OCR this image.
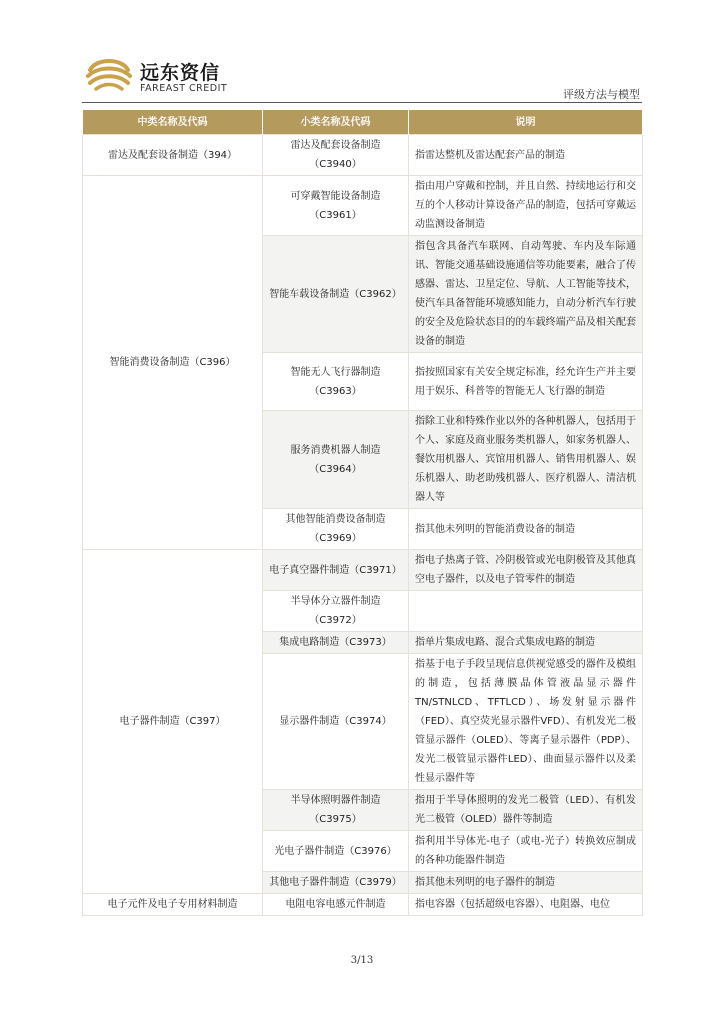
远东资信
FAREAST CREDIT	评级方法与模型
中类名称及代码	小类名称及代码	说明
雷达及配套设备制造（394）	雷达及配套设备制造（C3940）	指雷达整机及雷达配套产品的制造
智能消费设备制造（C396）	可穿戴智能设备制造（C3961）	指由用户穿戴和控制，并且自然、持续地运行和交互的个人移动计算设备产品的制造，包括可穿戴运动监测设备制造
	智能车载设备制造（C3962）	指包含具备汽车联网、自动驾驶、车内及车际通讯、智能交通基础设施通信等功能要素，融合了传感器、雷达、卫星定位、导航、人工智能等技术，使汽车具备智能环境感知能力，自动分析汽车行驶的安全及危险状态目的的车载终端产品及相关配套设备的制造
	智能无人飞行器制造（C3963）	指按照国家有关安全规定标准，经允许生产并主要用于娱乐、科普等的智能无人飞行器的制造
	服务消费机器人制造（C3964）	指除工业和特殊作业以外的各种机器人，包括用于个人、家庭及商业服务类机器人，如家务机器人、餐饮用机器人、宾馆用机器人、销售用机器人、娱乐机器人、助老助残机器人、医疗机器人、清洁机器人等
	其他智能消费设备制造（C3969）	指其他未列明的智能消费设备的制造
电子器件制造（C397）	电子真空器件制造（C3971）	指电子热离子管、冷阴极管或光电阴极管及其他真空电子器件，以及电子管零件的制造
	半导体分立器件制造（C3972）	
	集成电路制造（C3973）	指单片集成电路、混合式集成电路的制造
	显示器件制造（C3974）	指基于电子手段呈现信息供视觉感受的器件及模组的制造，包括薄膜晶体管液晶显示器件TN/STNLCD、TFTLCD）、场发射显示器件（FED）、真空荧光显示器件VFD）、有机发光二极管显示器件（OLED）、等离子显示器件（PDP）、发光二极管显示器件LED）、曲面显示器件以及柔性显示器件等
	半导体照明器件制造（C3975）	指用于半导体照明的发光二极管（LED）、有机发光二极管（OLED）器件等制造
	光电子器件制造（C3976）	指利用半导体光-电子（或电-光子）转换效应制成的各种功能器件制造
	其他电子器件制造（C3979）	指其他未列明的电子器件的制造
电子元件及电子专用材料制造	电阻电容电感元件制造	指电容器（包括超级电容器）、电阻器、电位
3/13
